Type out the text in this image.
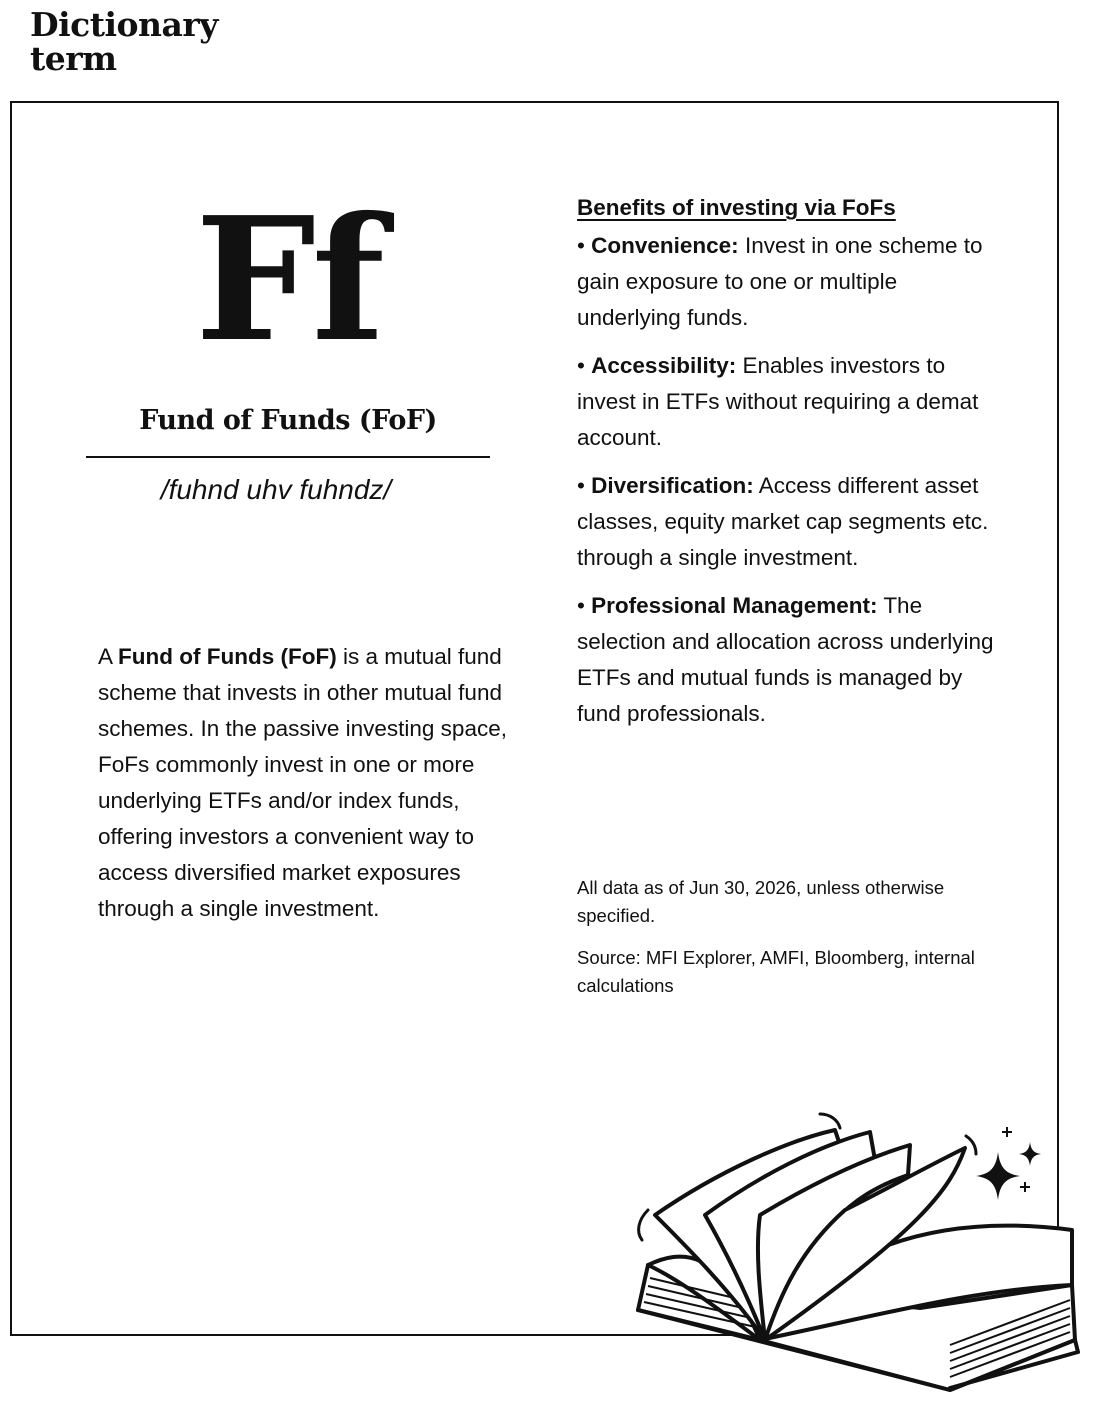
Dictionary
term
Ff
Fund of Funds (FoF)
/fuhnd uhv fuhndz/
A Fund of Funds (FoF) is a mutual fund scheme that invests in other mutual fund schemes. In the passive investing space, FoFs commonly invest in one or more underlying ETFs and/or index funds, offering investors a convenient way to access diversified market exposures through a single investment.
Benefits of investing via FoFs

• Convenience: Invest in one scheme to gain exposure to one or multiple underlying funds.

• Accessibility: Enables investors to invest in ETFs without requiring a demat account.

• Diversification: Access different asset classes, equity market cap segments etc. through a single investment.

• Professional Management: The selection and allocation across underlying ETFs and mutual funds is managed by fund professionals.

All data as of Jun 30, 2026, unless otherwise specified.

Source: MFI Explorer, AMFI, Bloomberg, internal calculations
